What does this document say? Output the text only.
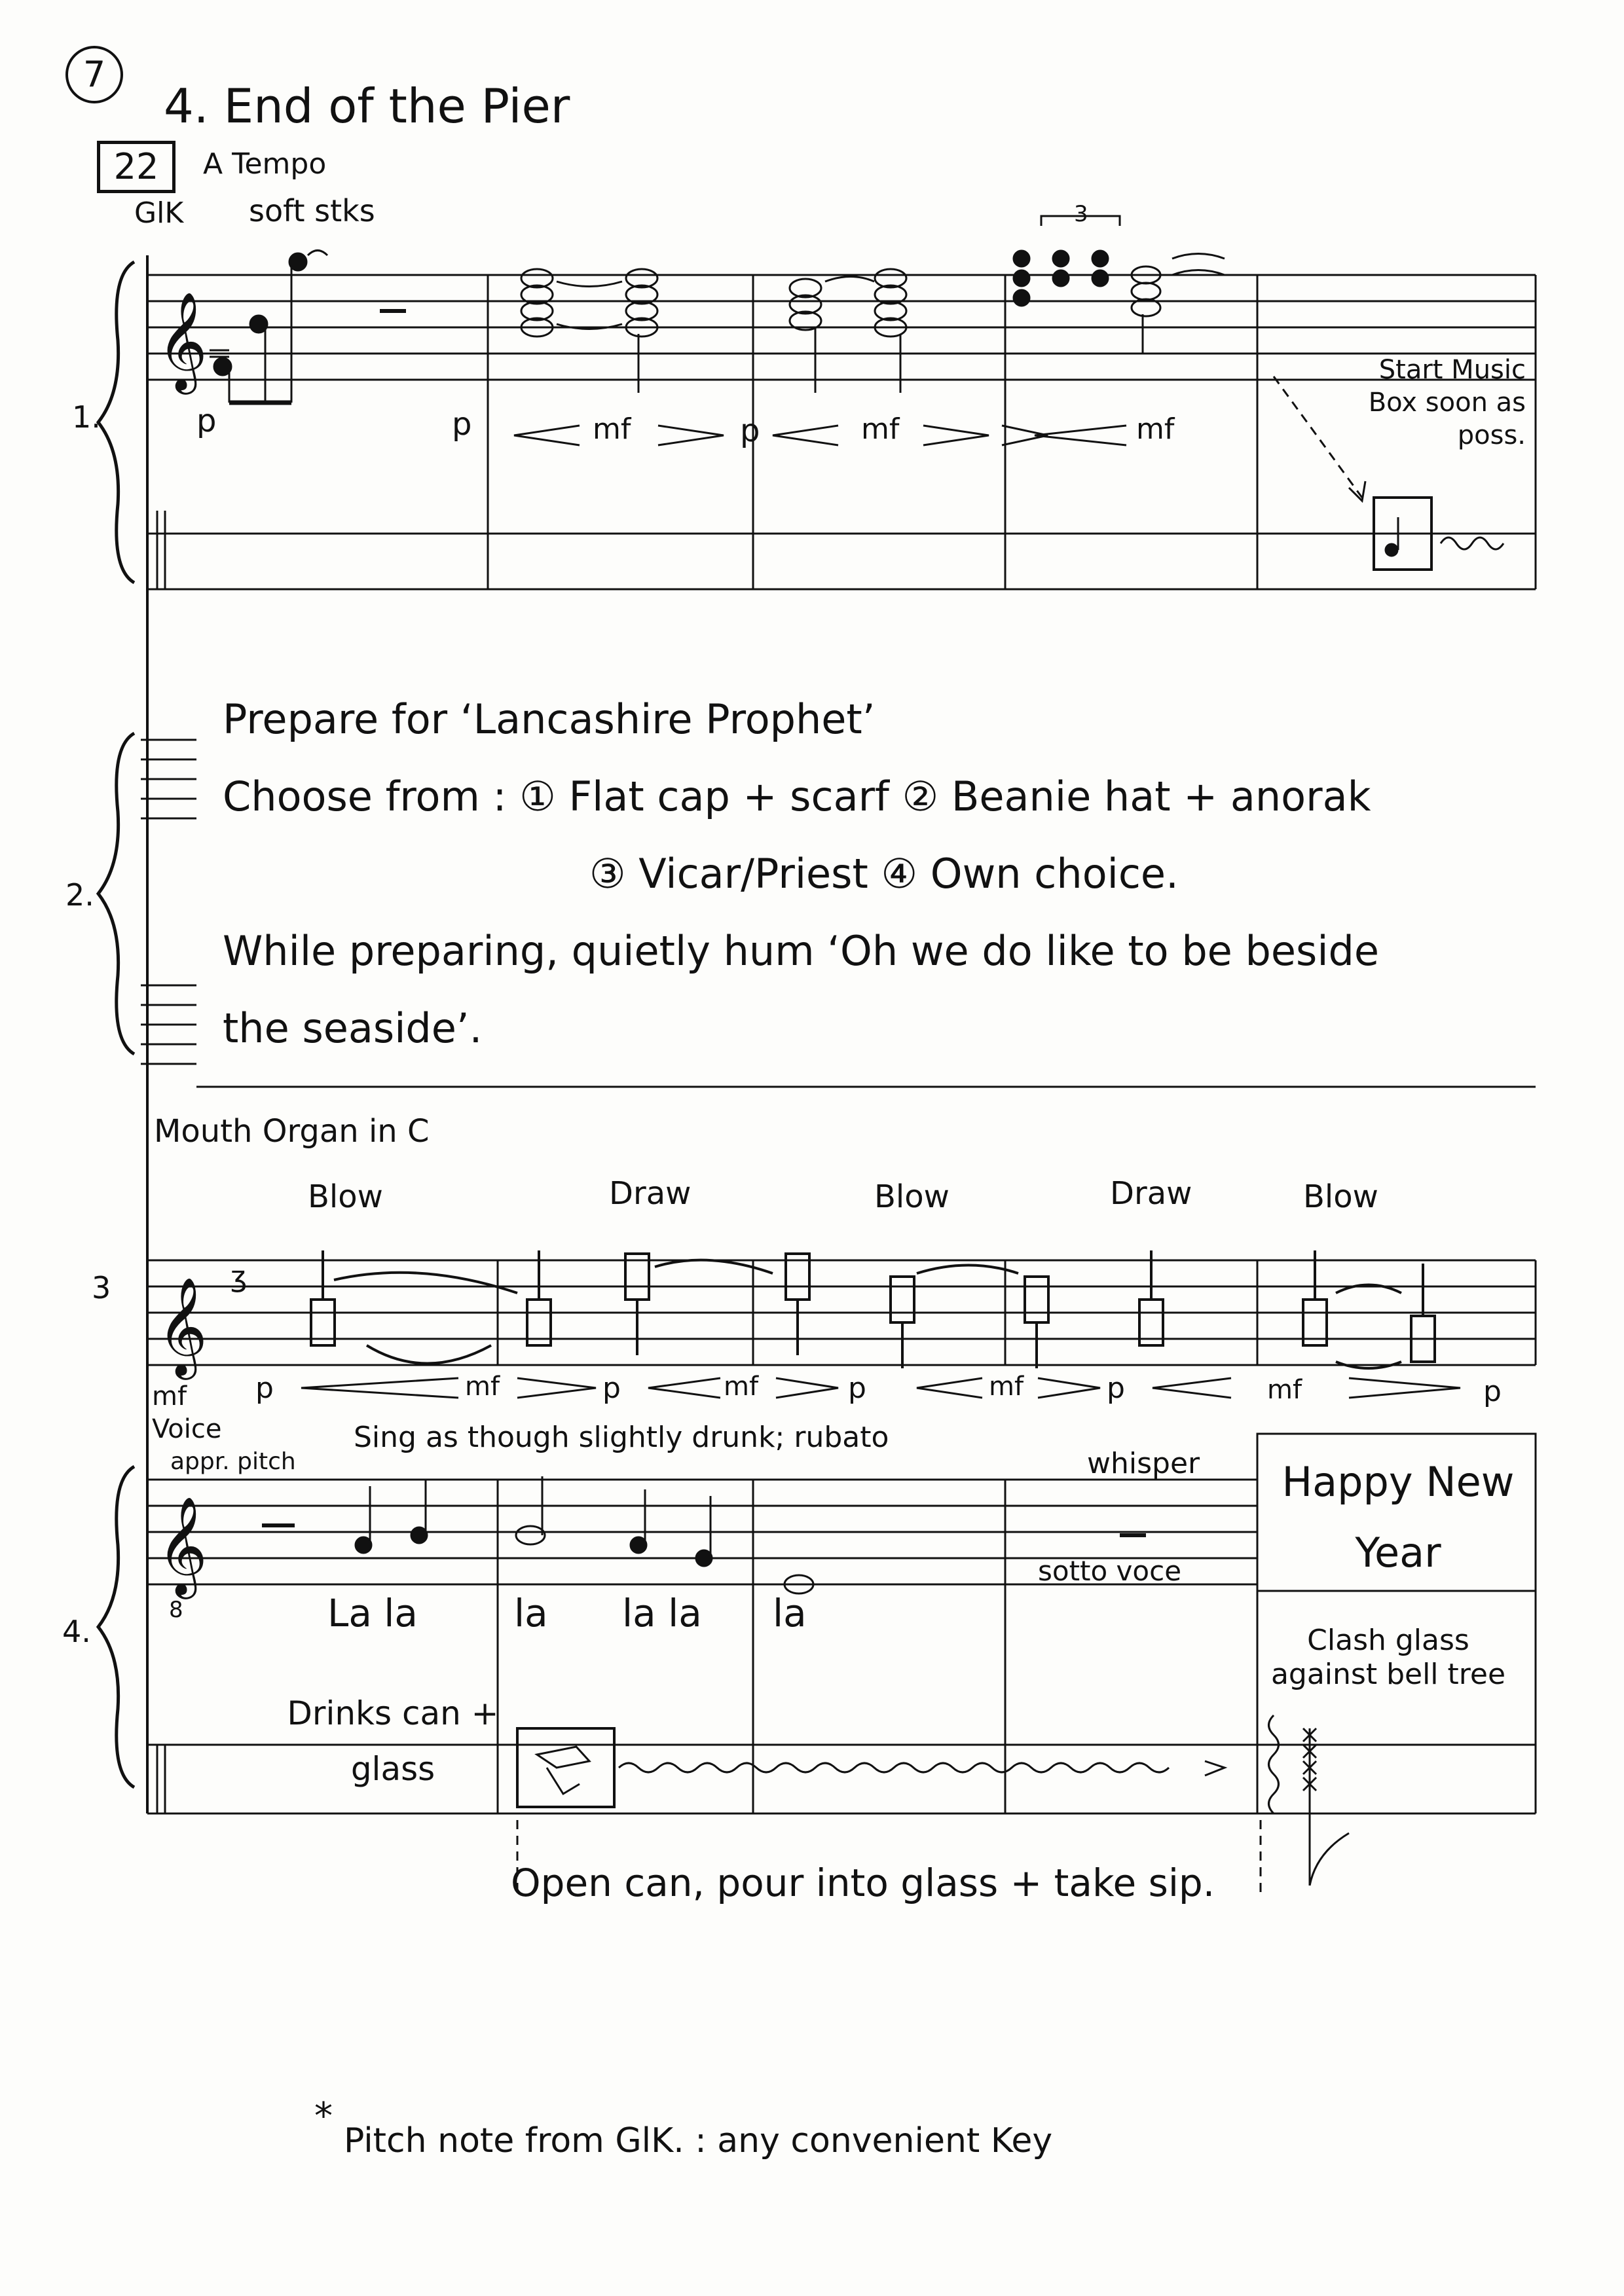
7
4. End of the Pier
22	A Tempo
GlK soft stks
𝄞
3
𝄞 ʒ
𝄞
8
1.	p	p	mf	p	mf	mf
Start Music Box soon as poss.
2.
Prepare for ‘Lancashire Prophet’
Choose from : ① Flat cap + scarf ② Beanie hat + anorak
③ Vicar/Priest ④ Own choice.
While preparing, quietly hum ‘Oh we do like to be beside
the seaside’.
Mouth Organ in C
3
Blow	Draw	Blow	Draw	Blow
mf p	mf	p	mf	p	mf	p	mf	p
Voice
appr. pitch
Sing as though slightly drunk; rubato
whisper
sotto voce
4.	La la	la la la la
Happy New Year
Drinks can + glass
Clash glass against bell tree
Open can, pour into glass + take sip.
*
Pitch note from GlK. : any convenient Key
